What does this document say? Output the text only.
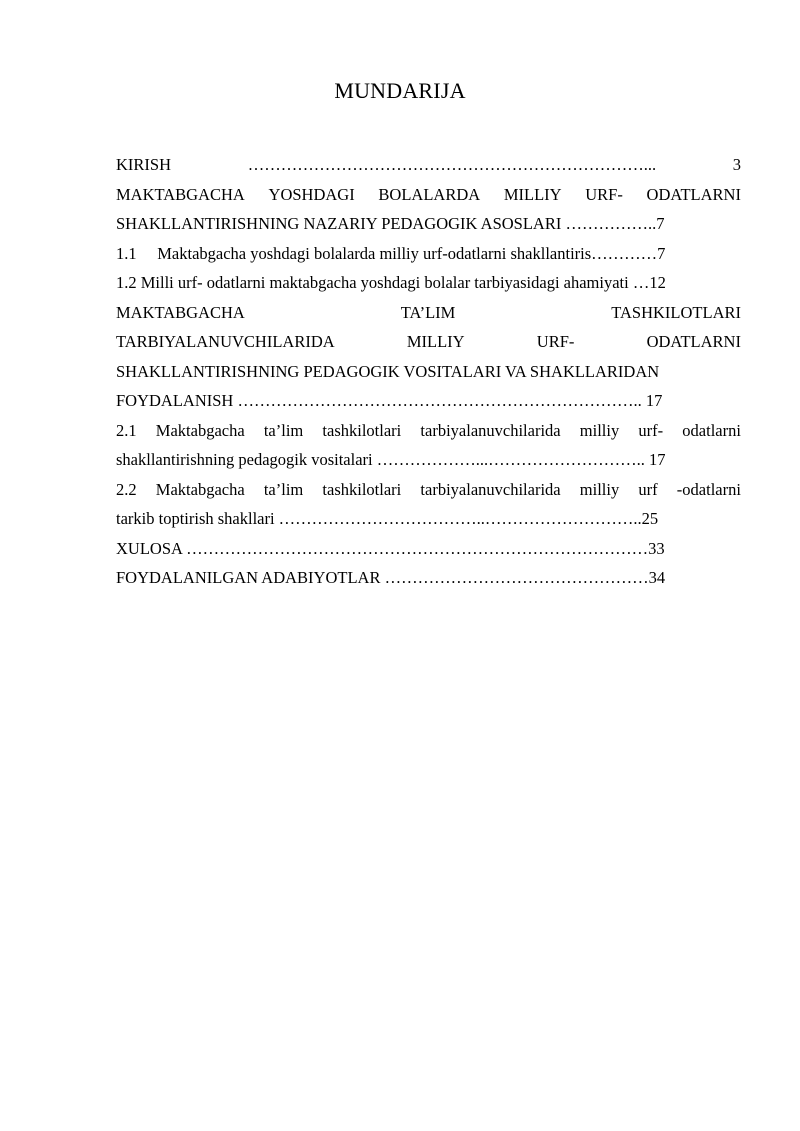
MUNDARIJA
KIRISH	………………………………………………………………...	3
MAKTABGACHA YOSHDAGI BOLALARDA MILLIY URF- ODATLARNI
SHAKLLANTIRISHNING NAZARIY PEDAGOGIK ASOSLARI ……………..7
1.1     Maktabgacha yoshdagi bolalarda milliy urf-odatlarni shakllantiris…………7
1.2 Milli urf- odatlarni maktabgacha yoshdagi bolalar tarbiyasidagi ahamiyati …12
MAKTABGACHA	TA’LIM	TASHKILOTLARI
TARBIYALANUVCHILARIDA	MILLIY	URF-	ODATLARNI
SHAKLLANTIRISHNING PEDAGOGIK VOSITALARI VA SHAKLLARIDAN
FOYDALANISH ……………………………………………………………….. 17
2.1 Maktabgacha ta’lim tashkilotlari tarbiyalanuvchilarida milliy urf- odatlarni
shakllantirishning pedagogik vositalari ………………...……………………….. 17
2.2 Maktabgacha ta’lim tashkilotlari tarbiyalanuvchilarida milliy urf -odatlarni
tarkib toptirish shakllari ………………………………..………………………..25
XULOSA …………………………………………………………………………33
FOYDALANILGAN ADABIYOTLAR …………………………………………34
